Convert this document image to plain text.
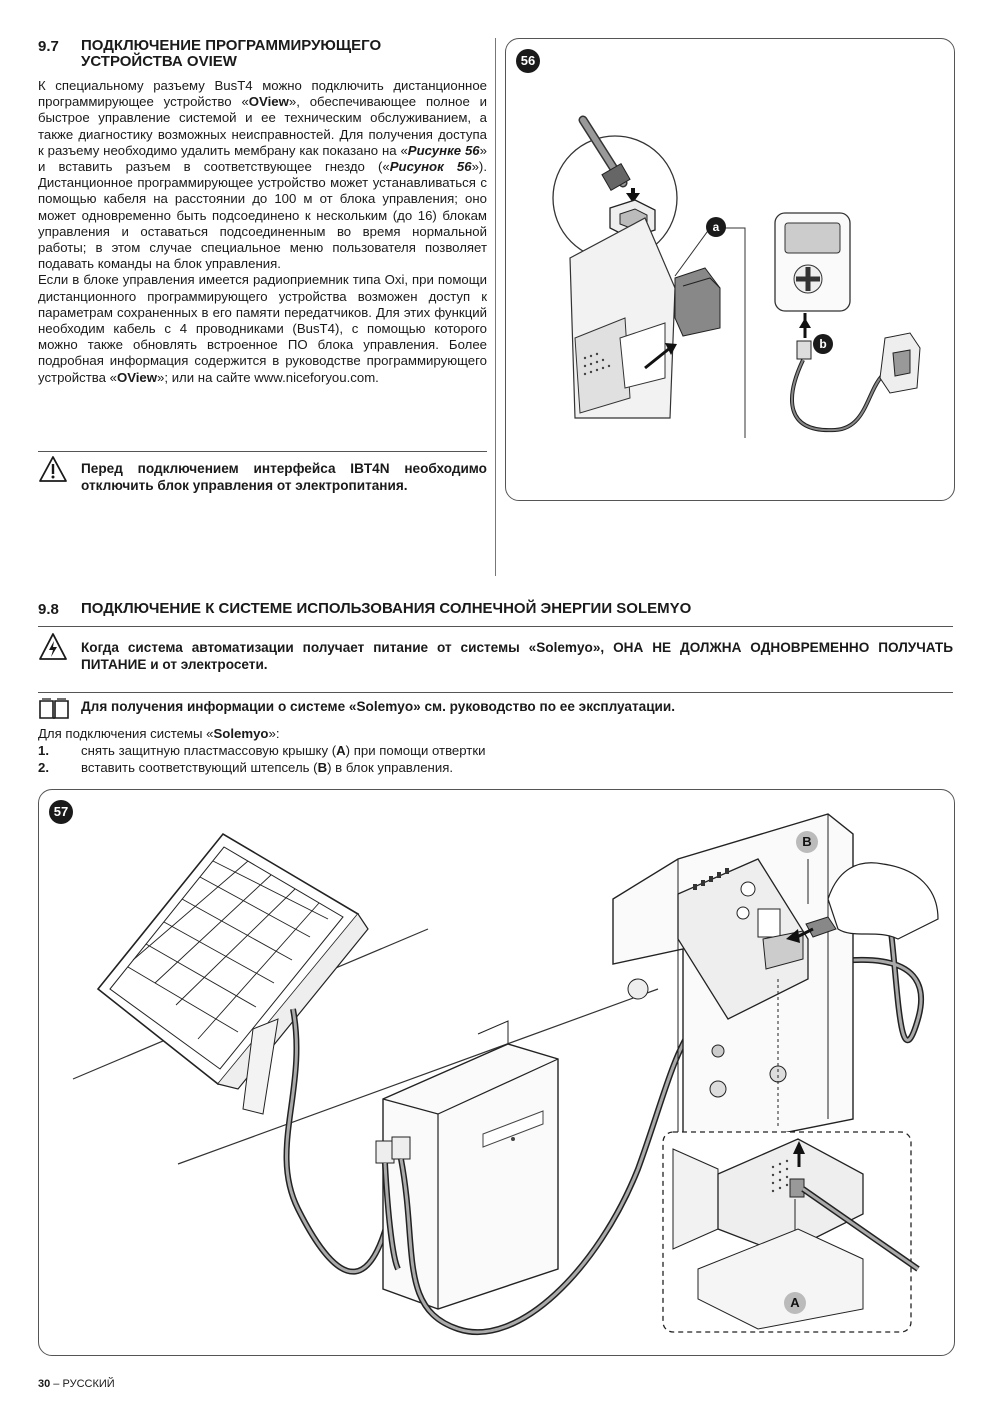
9.7 ПОДКЛЮЧЕНИЕ ПРОГРАММИРУЮЩЕГО
УСТРОЙСТВА OVIEW

К специальному разъему BusT4 можно подключить дистанционное программирующее устройство «OView», обеспечивающее полное и быстрое управление системой и ее техническим обслуживанием, а также диагностику возможных неисправностей. Для получения доступа к разъему необходимо удалить мембрану как показано на «Рисунке 56» и вставить разъем в соответствующее гнездо («Рисунок 56»). Дистанционное программирующее устройство может устанавливаться с помощью кабеля на расстоянии до 100 м от блока управления; оно может одновременно быть подсоединено к нескольким (до 16) блокам управления и оставаться подсоединенным во время нормальной работы; в этом случае специальное меню пользователя позволяет подавать команды на блок управления.

Если в блоке управления имеется радиоприемник типа Oxi, при помощи дистанционного программирующего устройства возможен доступ к параметрам сохраненных в его памяти передатчиков. Для этих функций необходим кабель с 4 проводниками (BusT4), с помощью которого можно также обновлять встроенное ПО блока управления. Более подробная информация содержится в руководстве программирующего устройства «OView»; или на сайте www.niceforyou.com.

Перед подключением интерфейса IBT4N необходимо отключить блок управления от электропитания.
56
a
b
9.8 ПОДКЛЮЧЕНИЕ К СИСТЕМЕ ИСПОЛЬЗОВАНИЯ СОЛНЕЧНОЙ ЭНЕРГИИ SOLEMYO
Когда система автоматизации получает питание от системы «Solemyo», ОНА НЕ ДОЛЖНА ОДНОВРЕМЕННО ПОЛУЧАТЬ ПИТАНИЕ и от электросети.
Для получения информации о системе «Solemyo» см. руководство по ее эксплуатации.
Для подключения системы «Solemyo»:
1. снять защитную пластмассовую крышку (A) при помощи отвертки
2. вставить соответствующий штепсель (B) в блок управления.
57
B
A
30 – РУССКИЙ
